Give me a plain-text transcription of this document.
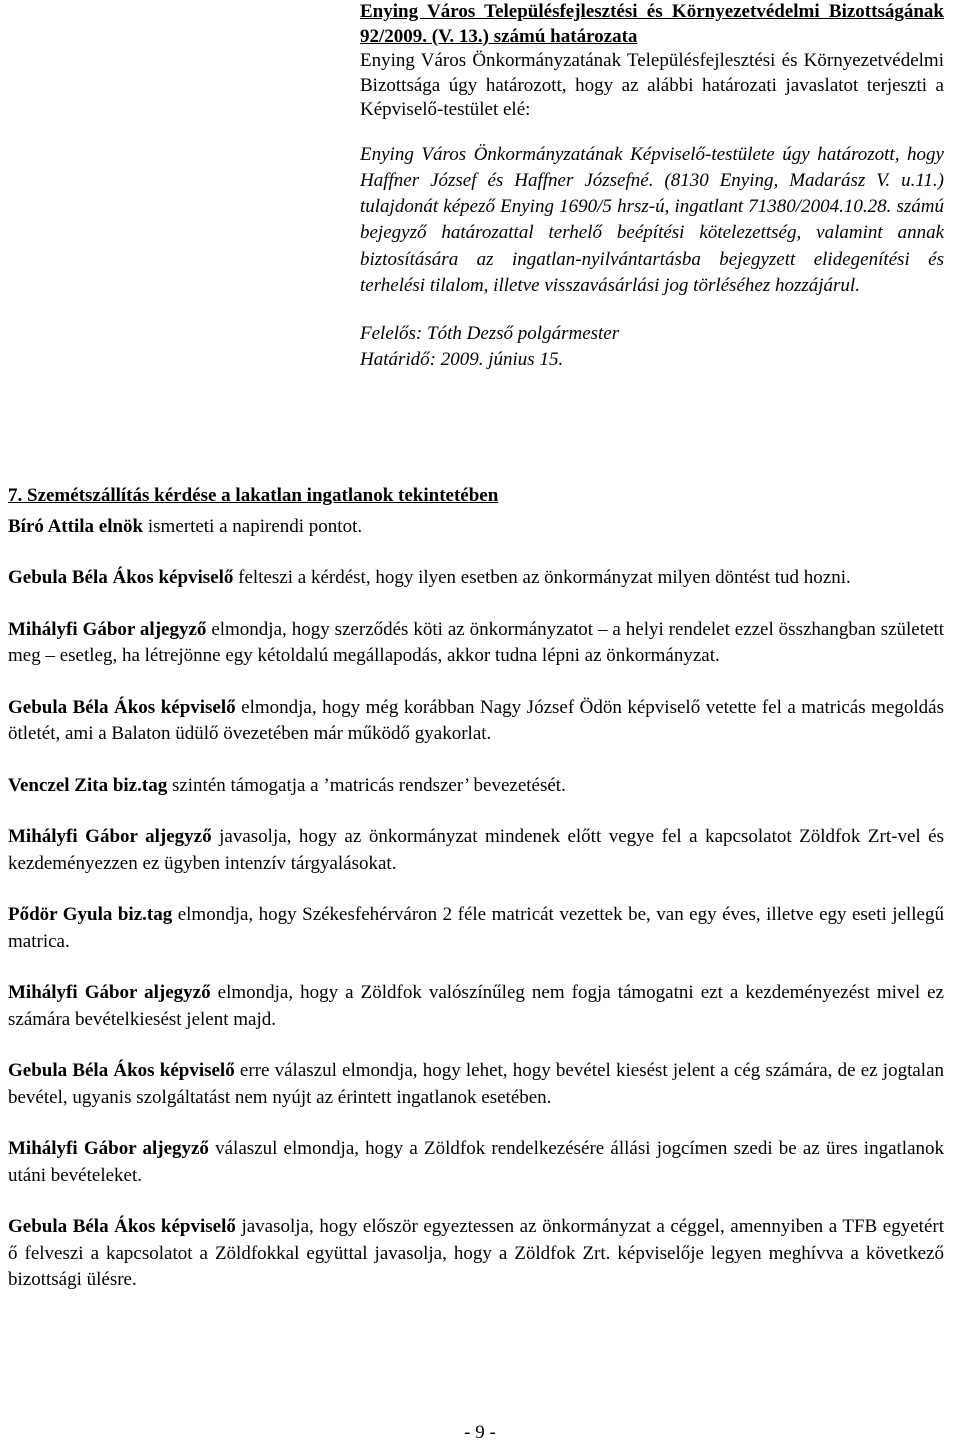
Enying Város Településfejlesztési és Környezetvédelmi Bizottságának 92/2009. (V. 13.) számú határozata

Enying Város Önkormányzatának Településfejlesztési és Környezetvédelmi Bizottsága úgy határozott, hogy az alábbi határozati javaslatot terjeszti a Képviselő-testület elé:

Enying Város Önkormányzatának Képviselő-testülete úgy határozott, hogy Haffner József és Haffner Józsefné. (8130 Enying, Madarász V. u.11.) tulajdonát képező Enying 1690/5 hrsz-ú, ingatlant 71380/2004.10.28. számú bejegyző határozattal terhelő beépítési kötelezettség, valamint annak biztosítására az ingatlan-nyilvántartásba bejegyzett elidegenítési és terhelési tilalom, illetve visszavásárlási jog törléséhez hozzájárul.

Felelős: Tóth Dezső polgármester
Határidő: 2009. június 15.

7. Szemétszállítás kérdése a lakatlan ingatlanok tekintetében

Bíró Attila elnök ismerteti a napirendi pontot.

Gebula Béla Ákos képviselő felteszi a kérdést, hogy ilyen esetben az önkormányzat milyen döntést tud hozni.

Mihályfi Gábor aljegyző elmondja, hogy szerződés köti az önkormányzatot – a helyi rendelet ezzel összhangban született meg – esetleg, ha létrejönne egy kétoldalú megállapodás, akkor tudna lépni az önkormányzat.

Gebula Béla Ákos képviselő elmondja, hogy még korábban Nagy József Ödön képviselő vetette fel a matricás megoldás ötletét, ami a Balaton üdülő övezetében már működő gyakorlat.

Venczel Zita biz.tag szintén támogatja a ’matricás rendszer’ bevezetését.

Mihályfi Gábor aljegyző javasolja, hogy az önkormányzat mindenek előtt vegye fel a kapcsolatot Zöldfok Zrt-vel és kezdeményezzen ez ügyben intenzív tárgyalásokat.

Pődör Gyula biz.tag elmondja, hogy Székesfehérváron 2 féle matricát vezettek be, van egy éves, illetve egy eseti jellegű matrica.

Mihályfi Gábor aljegyző elmondja, hogy a Zöldfok valószínűleg nem fogja támogatni ezt a kezdeményezést mivel ez számára bevételkiesést jelent majd.

Gebula Béla Ákos képviselő erre válaszul elmondja, hogy lehet, hogy bevétel kiesést jelent a cég számára, de ez jogtalan bevétel, ugyanis szolgáltatást nem nyújt az érintett ingatlanok esetében.

Mihályfi Gábor aljegyző válaszul elmondja, hogy a Zöldfok rendelkezésére állási jogcímen szedi be az üres ingatlanok utáni bevételeket.

Gebula Béla Ákos képviselő javasolja, hogy először egyeztessen az önkormányzat a céggel, amennyiben a TFB egyetért ő felveszi a kapcsolatot a Zöldfokkal együttal javasolja, hogy a Zöldfok Zrt. képviselője legyen meghívva a következő bizottsági ülésre.

- 9 -
